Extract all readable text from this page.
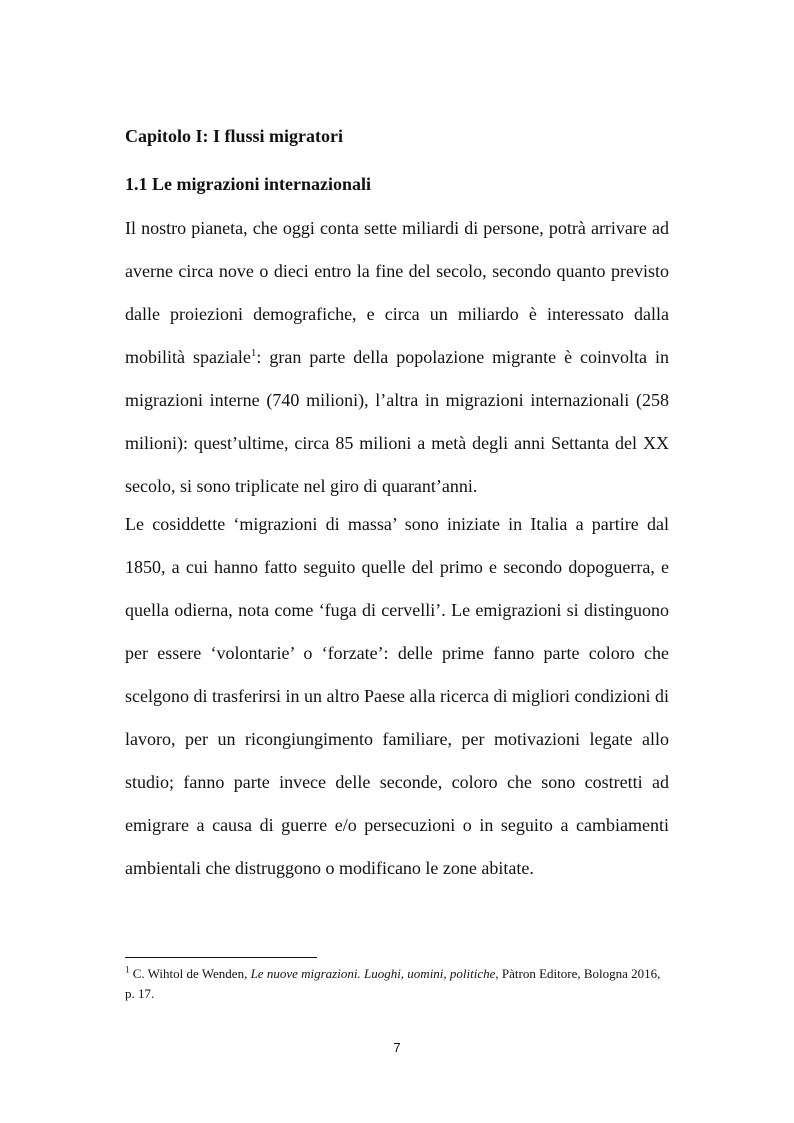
Capitolo I: I flussi migratori
1.1 Le migrazioni internazionali

Il nostro pianeta, che oggi conta sette miliardi di persone, potrà arrivare ad averne circa nove o dieci entro la fine del secolo, secondo quanto previsto dalle proiezioni demografiche, e circa un miliardo è interessato dalla mobilità spaziale$^1$: gran parte della popolazione migrante è coinvolta in migrazioni interne (740 milioni), l’altra in migrazioni internazionali (258 milioni): quest’ultime, circa 85 milioni a metà degli anni Settanta del XX secolo, si sono triplicate nel giro di quarant’anni.

Le cosiddette ‘migrazioni di massa’ sono iniziate in Italia a partire dal 1850, a cui hanno fatto seguito quelle del primo e secondo dopoguerra, e quella odierna, nota come ‘fuga di cervelli’. Le emigrazioni si distinguono per essere ‘volontarie’ o ‘forzate’: delle prime fanno parte coloro che scelgono di trasferirsi in un altro Paese alla ricerca di migliori condizioni di lavoro, per un ricongiungimento familiare, per motivazioni legate allo studio; fanno parte invece delle seconde, coloro che sono costretti ad emigrare a causa di guerre e/o persecuzioni o in seguito a cambiamenti ambientali che distruggono o modificano le zone abitate.

$^1$ C. Wihtol de Wenden, Le nuove migrazioni. Luoghi, uomini, politiche, Pàtron Editore, Bologna 2016, p. 17.

7
